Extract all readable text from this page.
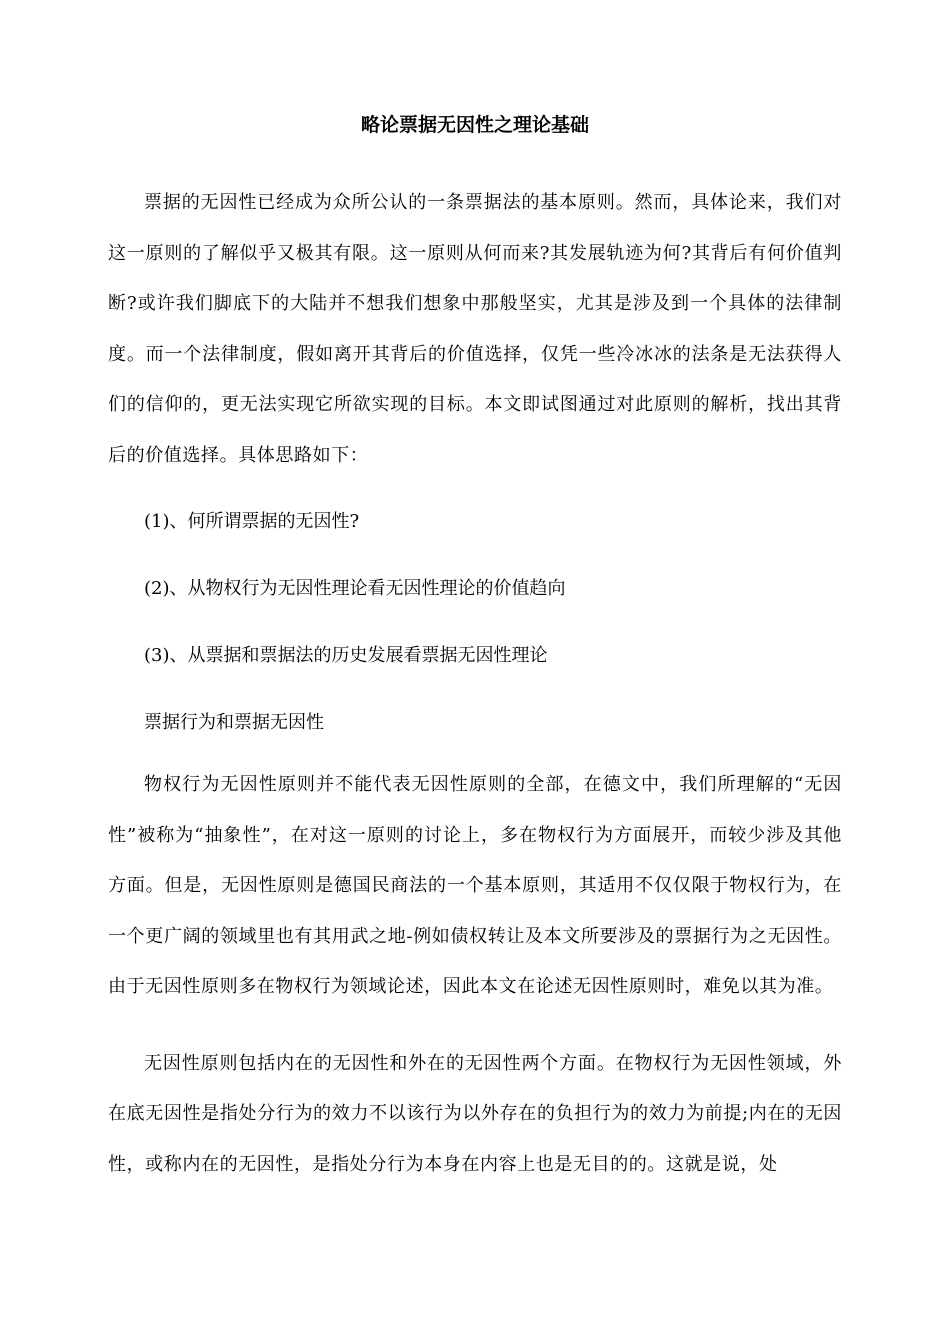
略论票据无因性之理论基础

票据的无因性已经成为众所公认的一条票据法的基本原则。然而，具体论来，我们对这一原则的了解似乎又极其有限。这一原则从何而来?其发展轨迹为何?其背后有何价值判断?或许我们脚底下的大陆并不想我们想象中那般坚实，尤其是涉及到一个具体的法律制度。而一个法律制度，假如离开其背后的价值选择，仅凭一些冷冰冰的法条是无法获得人们的信仰的，更无法实现它所欲实现的目标。本文即试图通过对此原则的解析，找出其背后的价值选择。具体思路如下：

(1)、何所谓票据的无因性?

(2)、从物权行为无因性理论看无因性理论的价值趋向

(3)、从票据和票据法的历史发展看票据无因性理论

票据行为和票据无因性

物权行为无因性原则并不能代表无因性原则的全部，在德文中，我们所理解的“无因性”被称为“抽象性”，在对这一原则的讨论上，多在物权行为方面展开，而较少涉及其他方面。但是，无因性原则是德国民商法的一个基本原则，其适用不仅仅限于物权行为，在一个更广阔的领域里也有其用武之地-例如债权转让及本文所要涉及的票据行为之无因性。由于无因性原则多在物权行为领域论述，因此本文在论述无因性原则时，难免以其为准。

无因性原则包括内在的无因性和外在的无因性两个方面。在物权行为无因性领域，外在底无因性是指处分行为的效力不以该行为以外存在的负担行为的效力为前提;内在的无因性，或称内在的无因性，是指处分行为本身在内容上也是无目的的。这就是说，处
